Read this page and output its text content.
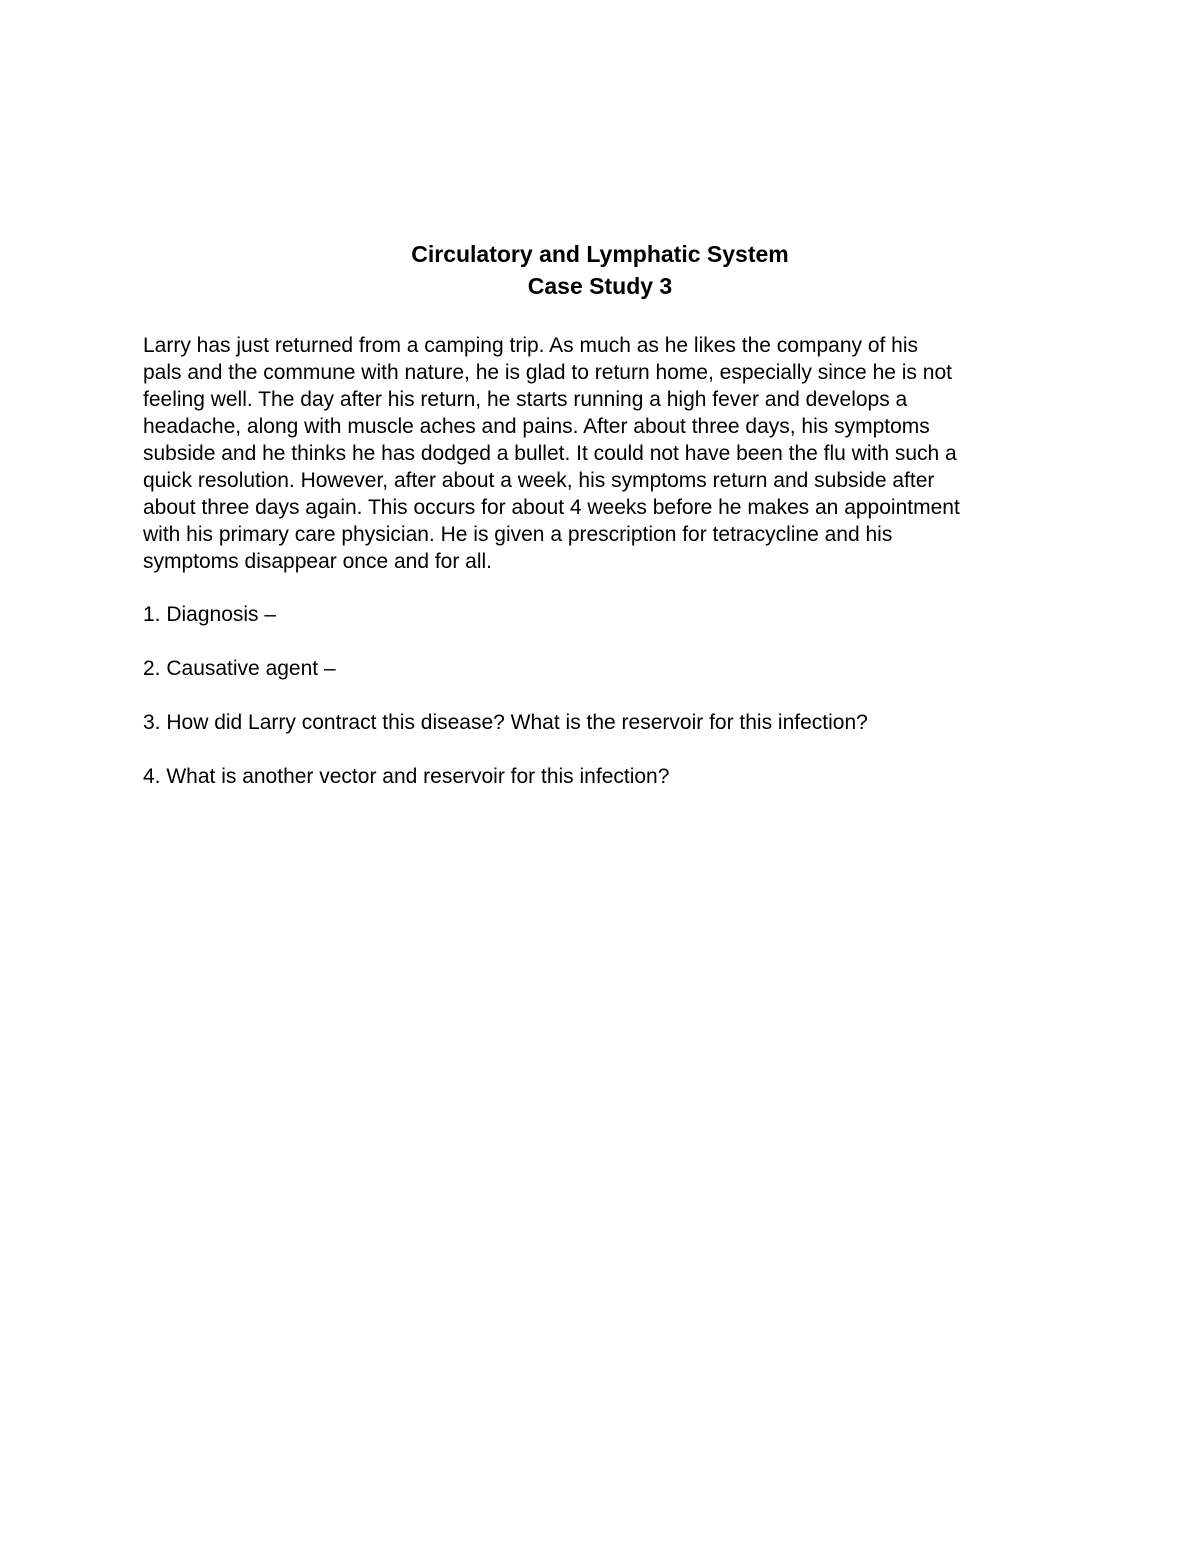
Circulatory and Lymphatic System
Case Study 3

Larry has just returned from a camping trip. As much as he likes the company of his
pals and the commune with nature, he is glad to return home, especially since he is not
feeling well. The day after his return, he starts running a high fever and develops a
headache, along with muscle aches and pains. After about three days, his symptoms
subside and he thinks he has dodged a bullet. It could not have been the flu with such a
quick resolution. However, after about a week, his symptoms return and subside after
about three days again. This occurs for about 4 weeks before he makes an appointment
with his primary care physician. He is given a prescription for tetracycline and his
symptoms disappear once and for all.

1. Diagnosis –

2. Causative agent –

3. How did Larry contract this disease? What is the reservoir for this infection?

4. What is another vector and reservoir for this infection?
